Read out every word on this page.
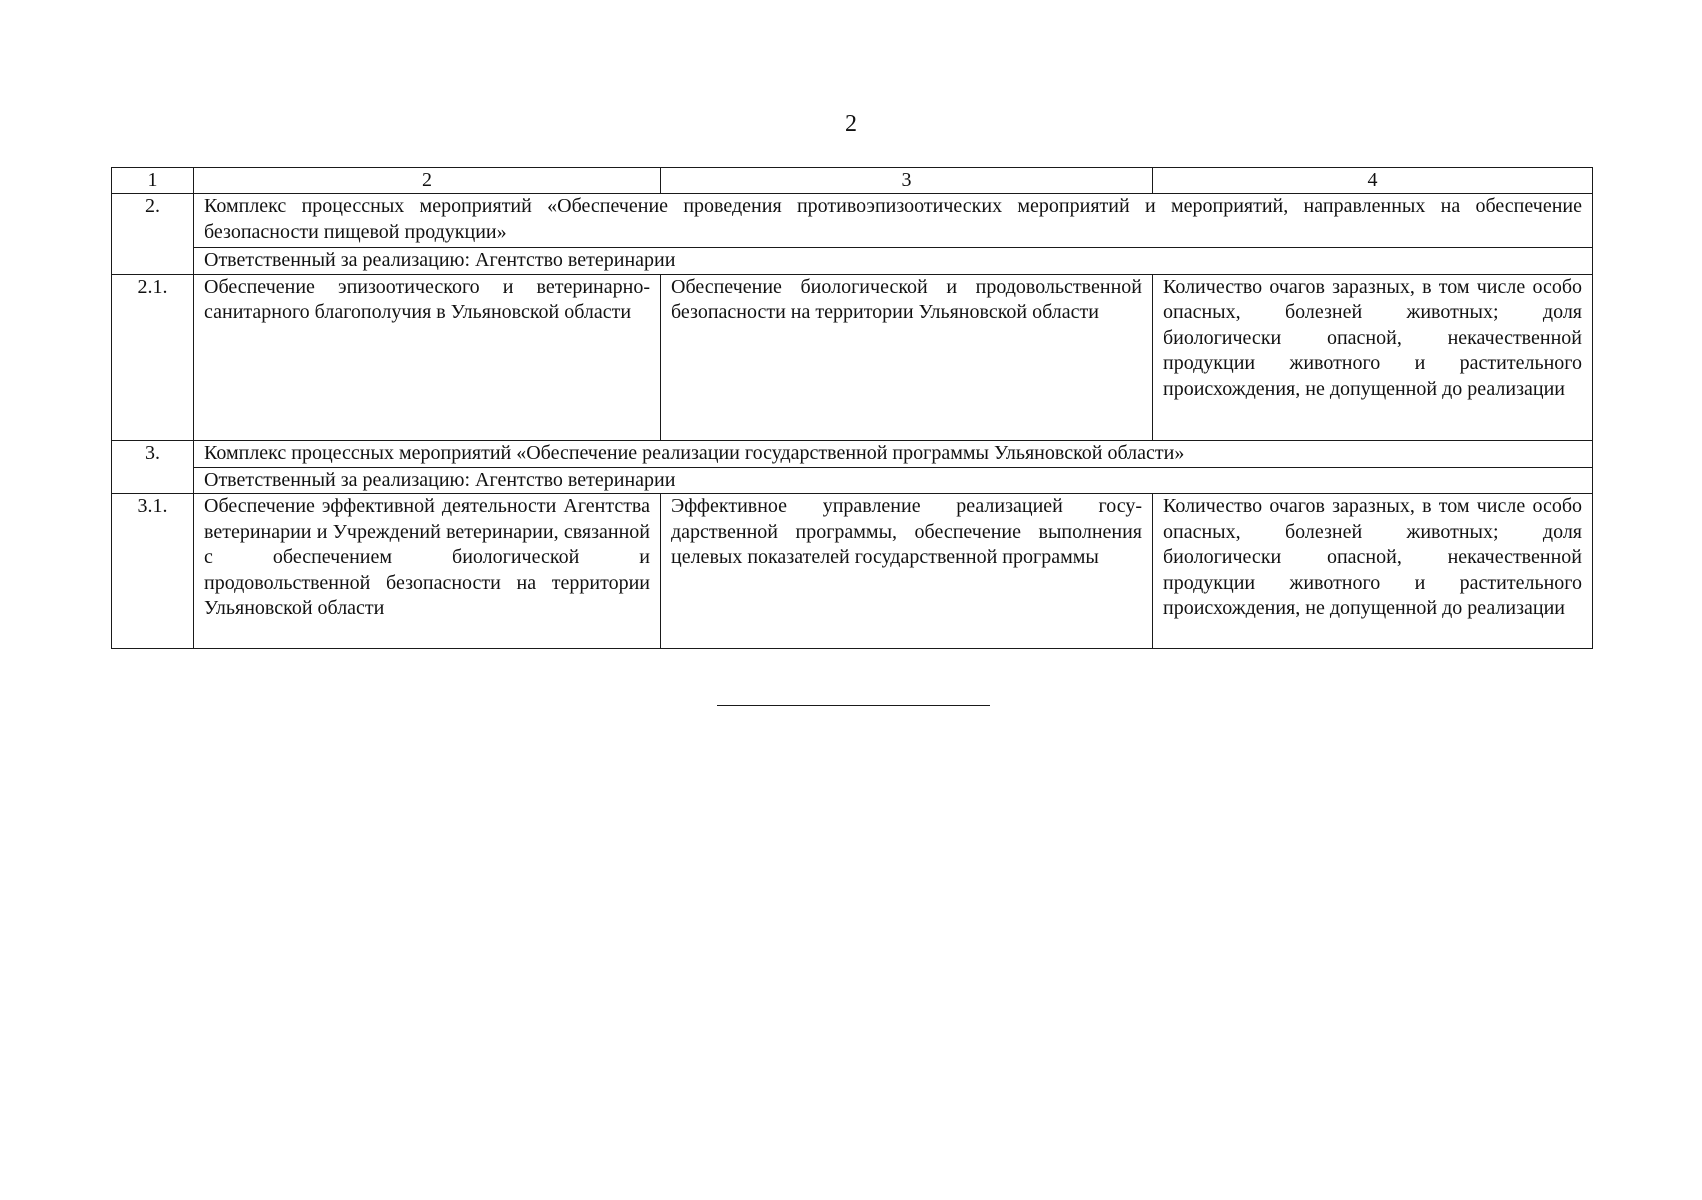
2
1	2	3	4
2.	Комплекс процессных мероприятий «Обеспечение проведения противоэпизоотических мероприятий и мероприятий, направленных на обеспечение безопасности пищевой продукции»		
	Ответственный за реализацию: Агентство ветеринарии		
2.1.	Обеспечение эпизоотического и ветеринарно-санитарного благополучия в Ульяновской области	Обеспечение биологической и продовольственной безопасности на территории Ульяновской области	Количество очагов заразных, в том числе особо опасных, болезней животных; доля биологически опасной, некачественной продукции животного и растительного происхождения, не допущенной до реализации
3.	Комплекс процессных мероприятий «Обеспечение реализации государственной программы Ульяновской области»		
	Ответственный за реализацию: Агентство ветеринарии		
3.1.	Обеспечение эффективной деятельности Агентства ветеринарии и Учреждений ветеринарии, связанной с обеспечением биологической и продовольственной безопасности на территории Ульяновской области	Эффективное управление реализацией государственной программы, обеспечение выполнения целевых показателей государственной программы	Количество очагов заразных, в том числе особо опасных, болезней животных; доля биологически опасной, некачественной продукции животного и растительного происхождения, не допущенной до реализации
